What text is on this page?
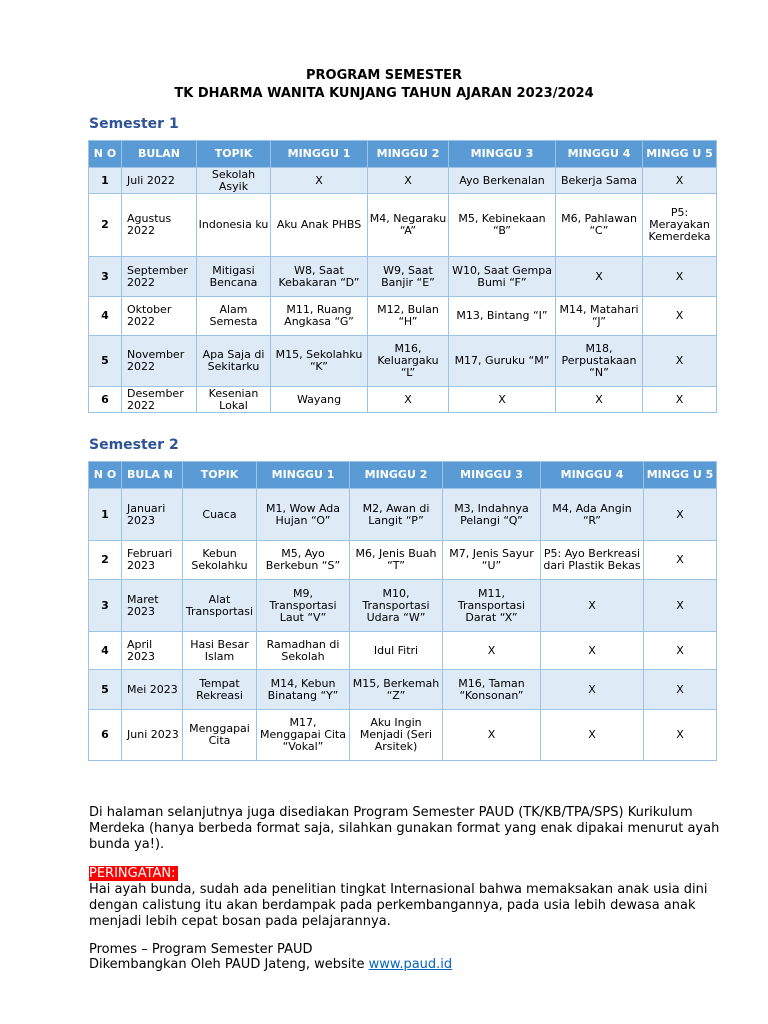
PROGRAM SEMESTER
TK DHARMA WANITA KUNJANG TAHUN AJARAN 2023/2024
Semester 1
N O	BULAN	TOPIK	MINGGU 1	MINGGU 2	MINGGU 3	MINGGU 4	MINGG U 5
1	Juli 2022	Sekolah Asyik	X	X	Ayo Berkenalan	Bekerja Sama	X
2	Agustus 2022	Indonesia ku	Aku Anak PHBS	M4, Negaraku “A”	M5, Kebinekaan “B”	M6, Pahlawan “C”	P5: Merayakan Kemerdeka
3	September 2022	Mitigasi Bencana	W8, Saat Kebakaran “D”	W9, Saat Banjir “E”	W10, Saat Gempa Bumi “F”	X	X
4	Oktober 2022	Alam Semesta	M11, Ruang Angkasa “G”	M12, Bulan “H”	M13, Bintang “I”	M14, Matahari “J”	X
5	November 2022	Apa Saja di Sekitarku	M15, Sekolahku “K”	M16, Keluargaku “L”	M17, Guruku “M”	M18, Perpustakaan “N”	X
6	Desember 2022	Kesenian Lokal	Wayang	X	X	X	X
Semester 2
N O	BULA N	TOPIK	MINGGU 1	MINGGU 2	MINGGU 3	MINGGU 4	MINGG U 5
1	Januari 2023	Cuaca	M1, Wow Ada Hujan “O”	M2, Awan di Langit “P”	M3, Indahnya Pelangi “Q”	M4, Ada Angin “R”	X
2	Februari 2023	Kebun Sekolahku	M5, Ayo Berkebun “S”	M6, Jenis Buah “T”	M7, Jenis Sayur “U”	P5: Ayo Berkreasi dari Plastik Bekas	X
3	Maret 2023	Alat Transportasi	M9, Transportasi Laut “V”	M10, Transportasi Udara “W”	M11, Transportasi Darat “X”	X	X
4	April 2023	Hasi Besar Islam	Ramadhan di Sekolah	Idul Fitri	X	X	X
5	Mei 2023	Tempat Rekreasi	M14, Kebun Binatang “Y”	M15, Berkemah “Z”	M16, Taman “Konsonan”	X	X
6	Juni 2023	Menggapai Cita	M17, Menggapai Cita “Vokal”	Aku Ingin Menjadi (Seri Arsitek)	X	X	X
Di halaman selanjutnya juga disediakan Program Semester PAUD (TK/KB/TPA/SPS) Kurikulum Merdeka (hanya berbeda format saja, silahkan gunakan format yang enak dipakai menurut ayah bunda ya!).
PERINGATAN:
Hai ayah bunda, sudah ada penelitian tingkat Internasional bahwa memaksakan anak usia dini dengan calistung itu akan berdampak pada perkembangannya, pada usia lebih dewasa anak menjadi lebih cepat bosan pada pelajarannya.
Promes – Program Semester PAUD
Dikembangkan Oleh PAUD Jateng, website www.paud.id
